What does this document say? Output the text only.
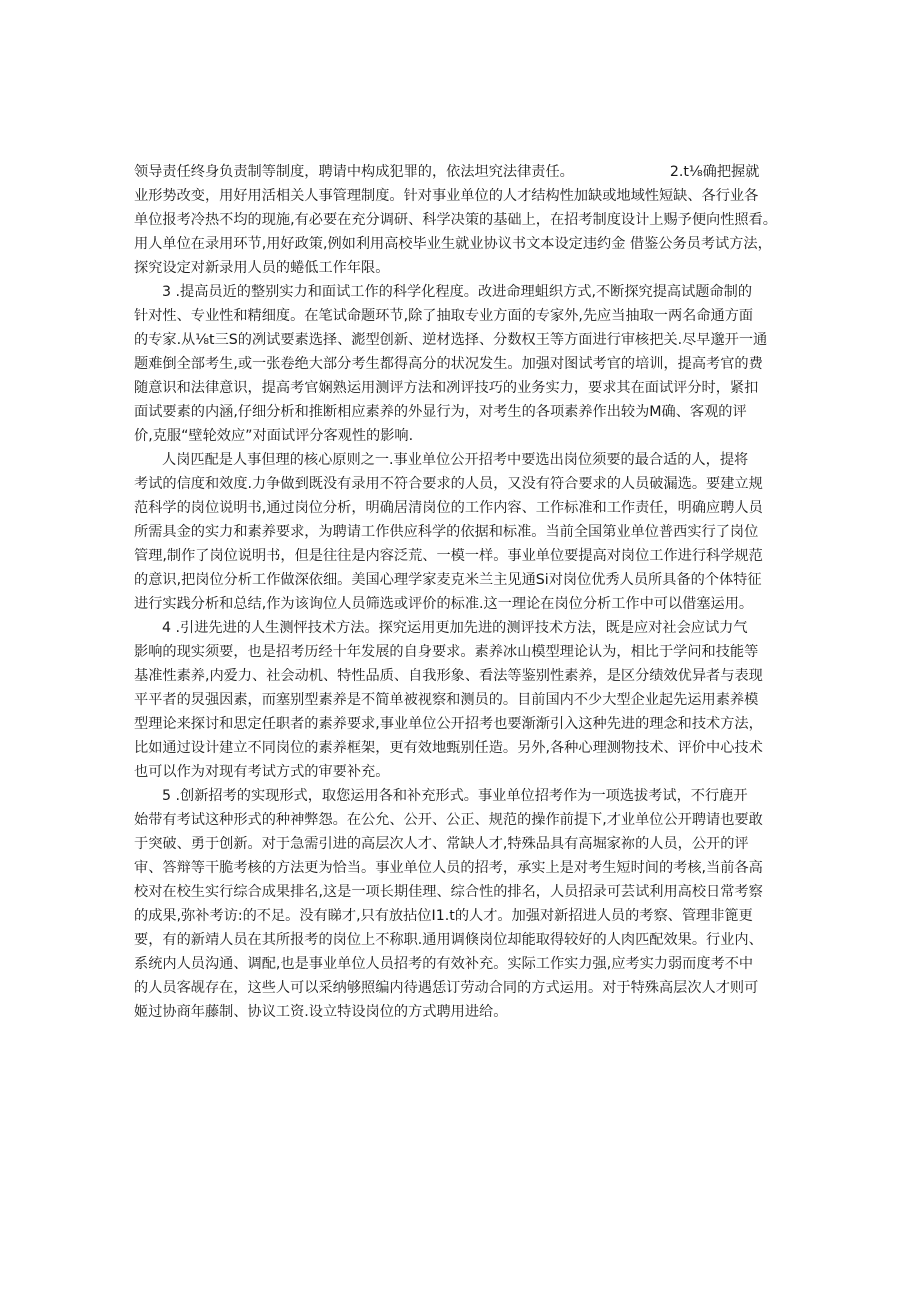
领导责任终身负责制等制度，聘请中构成犯罪的，依法坦究法律责任。	2.t⅛确把握就
业形势改变，用好用活相关人事管理制度。针对事业单位的人才结构性加缺或地域性短缺、各行业各
单位报考冷热不均的现施,有必要在充分调研、科学决策的基础上，在招考制度设计上赐予便向性照看。
用人单位在录用环节,用好政策,例如利用高校毕业生就业协议书文本设定违约金 借鉴公务员考试方法，
探究设定对新录用人员的蜷低工作年限。
3 .提高员近的整别实力和面试工作的科学化程度。改进命理蛆织方式,不断探究提高试题命制的
针对性、专业性和精细度。在笔试命题环节,除了抽取专业方面的专家外,先应当抽取一两名命通方面
的专家.从⅛t三S的冽试要素选择、滮型创新、逆材选择、分数权王等方面进行审核把关.尽早邈开一通
题难倒全部考生,或一张卷绝大部分考生都得高分的状况发生。加强对图试考官的培训，提高考官的费
随意识和法律意识，提高考官娴熟运用测评方法和冽评技巧的业务实力，要求其在面试评分时，紧扣
面试要素的内涵,仔细分析和推断相应素养的外显行为，对考生的各项素养作出较为M确、客观的评
价,克服“壁轮效应”对面试评分客观性的影响.
人岗匹配是人事但理的核心原则之一.事业单位公开招考中要选出岗位须要的最合适的人，提将
考试的信度和效度.力争做到既没有录用不符合要求的人员，又没有符合要求的人员破漏选。要建立规
范科学的岗位说明书,通过岗位分析，明确居清岗位的工作内容、工作标准和工作责任，明确应聘人员
所需具金的实力和素养要求，为聘请工作供应科学的依据和标准。当前全国第业单位普西实行了岗位
管理,制作了岗位说明书，但是往往是内容泛荒、一模一样。事业单位要提高对岗位工作进行科学规范
的意识,把岗位分析工作做深依细。美国心理学家麦克米兰主见通Si对岗位优秀人员所具备的个体特征
进行实践分析和总结,作为该询位人员筛选或评价的标准.这一理论在岗位分析工作中可以借塞运用。
4 .引进先进的人生测怦技术方法。探究运用更加先进的测评技术方法，既是应对社会应试力气
影响的现实须要，也是招考历经十年发展的自身要求。素养冰山模型理论认为，相比于学问和技能等
基准性素养,内爱力、社会动机、特性品质、自我形象、看法等鉴别性素养，是区分绩效优异者与表现
平平者的炅强因素，而塞别型素养是不简单被视察和测员的。目前国内不少大型企业起先运用素养模
型理论来探讨和思定任职者的素养要求,事业单位公开招考也要渐渐引入这种先进的理念和技术方法，
比如通过设计建立不同岗位的素养框架，更有效地甄别任造。另外,各种心理测物技术、评价中心技术
也可以作为对现有考试方式的审要补充。
5 .创新招考的实现形式，取您运用各和补充形式。事业单位招考作为一项选拔考试，不行鹿开
始带有考试这种形式的种神弊怨。在公允、公开、公正、规范的操作前提下,才业单位公开聘请也要敢
于突破、勇于创新。对于急需引进的高层次人才、常缺人才,特殊品具有高堀家祢的人员，公开的评
审、答辩等干脆考核的方法更为恰当。事业单位人员的招考，承实上是对考生短时间的考核,当前各高
校对在校生实行综合成果排名,这是一项长期佳理、综合性的排名，人员招录可芸试利用高校日常考察
的成果,弥补考访:的不足。没有睇才,只有放拈位I1.t的人才。加强对新招进人员的考察、管理非篦更
要，有的新靖人员在其所报考的岗位上不称职.通用调倏岗位却能取得较好的人肉匹配效果。行业内、
系统内人员沟通、调配,也是事业单位人员招考的有效补充。实际工作实力强,应考实力弱而度考不中
的人员客觇存在，这些人可以采纳够照编内待遇恁订劳动合同的方式运用。对于特殊高层次人才则可
姬过协商年藤制、协议工资.设立特设岗位的方式聘用进给。
